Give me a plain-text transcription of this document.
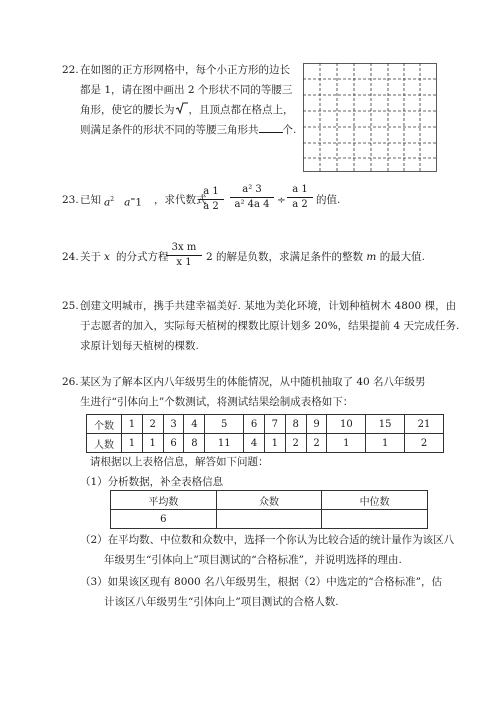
22. 在如图的正方形网格中，每个小正方形的边长
都是 1，请在图中画出 2 个形状不同的等腰三
角形，使它的腰长为 ，且顶点都在格点上，
则满足条件的形状不同的等腰三角形共 个.
23. 已知 $a^2$ a=1 ，求代数式
a 1
a 2
a² 3
a² 4a 4 ÷
a 1
a 2 的值.
24. 关于 x 的分式方程
3x m
x 1	2 的解是负数，求满足条件的整数 m 的最大值.
25. 创建文明城市，携手共建幸福美好. 某地为美化环境，计划种植树木 4800 棵，由
于志愿者的加入，实际每天植树的棵数比原计划多 20%，结果提前 4 天完成任务.
求原计划每天植树的棵数.
26. 某区为了解本区内八年级男生的体能情况，从中随机抽取了 40 名八年级男
生进行“引体向上”个数测试，将测试结果绘制成表格如下：
个数	1	2	3	4	5	6	7	8	9	10	15	21
人数	1	1	6	8	11	4	1	2	2	1	1	2
请根据以上表格信息，解答如下问题：
（1）分析数据，补全表格信息
平均数	众数	中位数
6		
（2）在平均数、中位数和众数中，选择一个你认为比较合适的统计量作为该区八
年级男生“引体向上”项目测试的“合格标准”，并说明选择的理由.
（3）如果该区现有 8000 名八年级男生，根据（2）中选定的“合格标准”，估
计该区八年级男生“引体向上”项目测试的合格人数.
